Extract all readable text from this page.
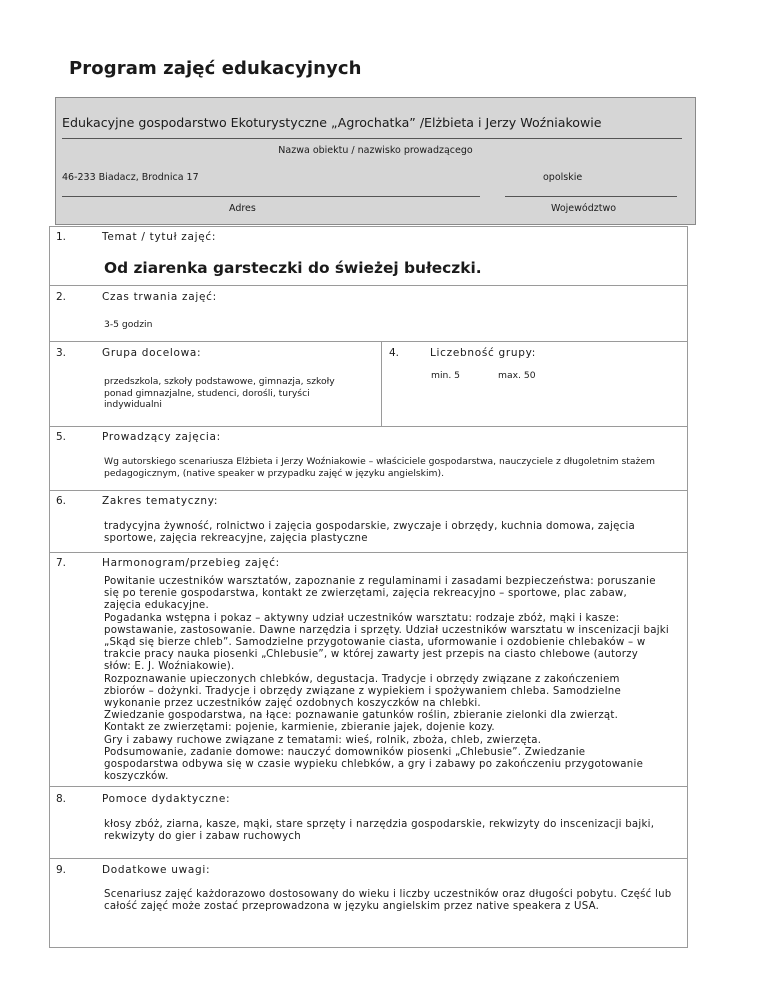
Program zajęć edukacyjnych
Edukacyjne gospodarstwo Ekoturystyczne „Agrochatka” /Elżbieta i Jerzy Woźniakowie
Nazwa obiektu / nazwisko prowadzącego
46-233 Biadacz, Brodnica 17	opolskie
Adres	Województwo
1.	Temat / tytuł zajęć:
Od ziarenka garsteczki do świeżej bułeczki.
2.	Czas trwania zajęć:
3-5 godzin
3.	Grupa docelowa:
przedszkola, szkoły podstawowe, gimnazja, szkoły ponad gimnazjalne, studenci, dorośli, turyści indywidualni
4.	Liczebność grupy:
min. 5	max. 50
5.	Prowadzący zajęcia:
Wg autorskiego scenariusza Elżbieta i Jerzy Woźniakowie – właściciele gospodarstwa, nauczyciele z długoletnim stażem pedagogicznym, (native speaker w przypadku zajęć w języku angielskim).
6.	Zakres tematyczny:
tradycyjna żywność, rolnictwo i zajęcia gospodarskie, zwyczaje i obrzędy, kuchnia domowa, zajęcia sportowe, zajęcia rekreacyjne, zajęcia plastyczne
7.	Harmonogram/przebieg zajęć:
Powitanie uczestników warsztatów, zapoznanie z regulaminami i zasadami bezpieczeństwa: poruszanie
się po terenie gospodarstwa, kontakt ze zwierzętami, zajęcia rekreacyjno – sportowe, plac zabaw,
zajęcia edukacyjne.
Pogadanka wstępna i pokaz – aktywny udział uczestników warsztatu: rodzaje zbóż, mąki i kasze:
powstawanie, zastosowanie. Dawne narzędzia i sprzęty. Udział uczestników warsztatu w inscenizacji bajki
„Skąd się bierze chleb”. Samodzielne przygotowanie ciasta, uformowanie i ozdobienie chlebaków – w
trakcie pracy nauka piosenki „Chlebusie”, w której zawarty jest przepis na ciasto chlebowe (autorzy
słów: E. J. Woźniakowie).
Rozpoznawanie upieczonych chlebków, degustacja. Tradycje i obrzędy związane z zakończeniem
zbiorów – dożynki. Tradycje i obrzędy związane z wypiekiem i spożywaniem chleba. Samodzielne
wykonanie przez uczestników zajęć ozdobnych koszyczków na chlebki.
Zwiedzanie gospodarstwa, na łące: poznawanie gatunków roślin, zbieranie zielonki dla zwierząt.
Kontakt ze zwierzętami: pojenie, karmienie, zbieranie jajek, dojenie kozy.
Gry i zabawy ruchowe związane z tematami: wieś, rolnik, zboża, chleb, zwierzęta.
Podsumowanie, zadanie domowe: nauczyć domowników piosenki „Chlebusie”. Zwiedzanie
gospodarstwa odbywa się w czasie wypieku chlebków, a gry i zabawy po zakończeniu przygotowanie
koszyczków.
8.	Pomoce dydaktyczne:
kłosy zbóż, ziarna, kasze, mąki, stare sprzęty i narzędzia gospodarskie, rekwizyty do inscenizacji bajki, rekwizyty do gier i zabaw ruchowych
9.	Dodatkowe uwagi:
Scenariusz zajęć każdorazowo dostosowany do wieku i liczby uczestników oraz długości pobytu. Część lub całość zajęć może zostać przeprowadzona w języku angielskim przez native speakera z USA.
